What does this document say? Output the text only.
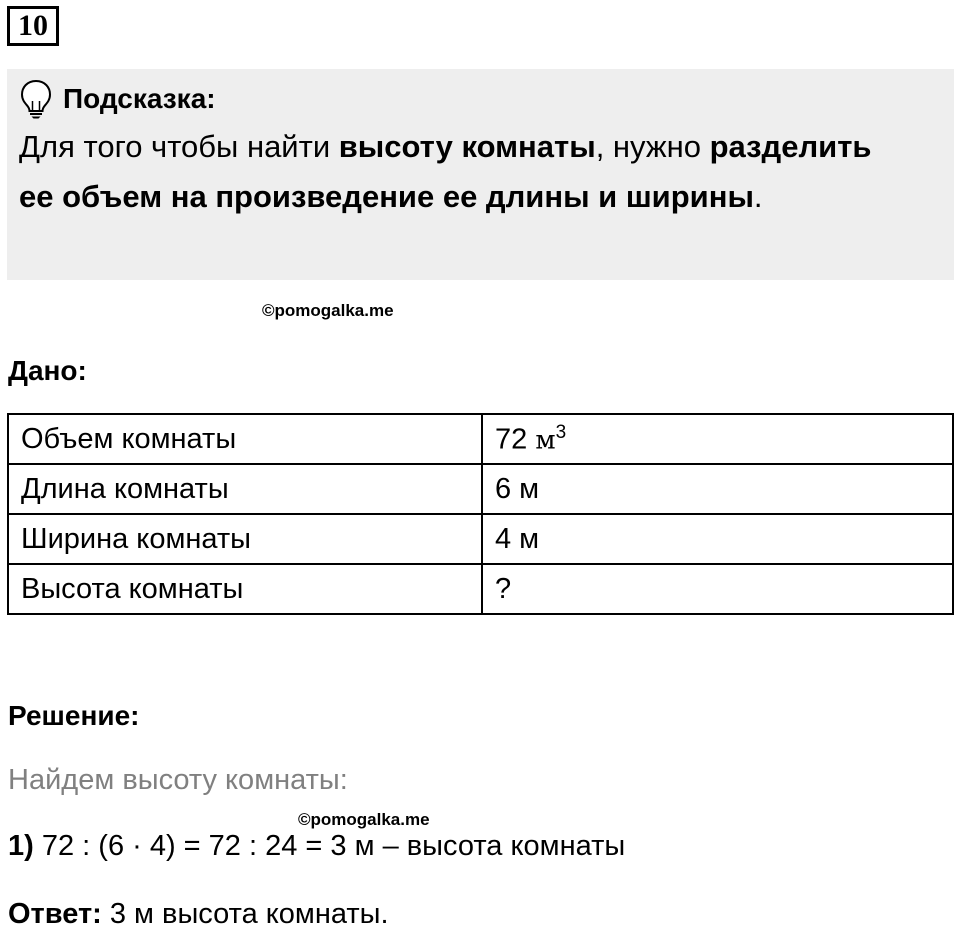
10
Подсказка:
Для того чтобы найти высоту комнаты, нужно разделить
ее объем на произведение ее длины и ширины.
©pomogalka.me
Дано:
Объем комнаты	72 $м^3$
Длина комнаты	6 м
Ширина комнаты	4 м
Высота комнаты	?
Решение:
Найдем высоту комнаты:
©pomogalka.me
1) 72 : (6 · 4) = 72 : 24 = 3 м – высота комнаты
Ответ: 3 м высота комнаты.
